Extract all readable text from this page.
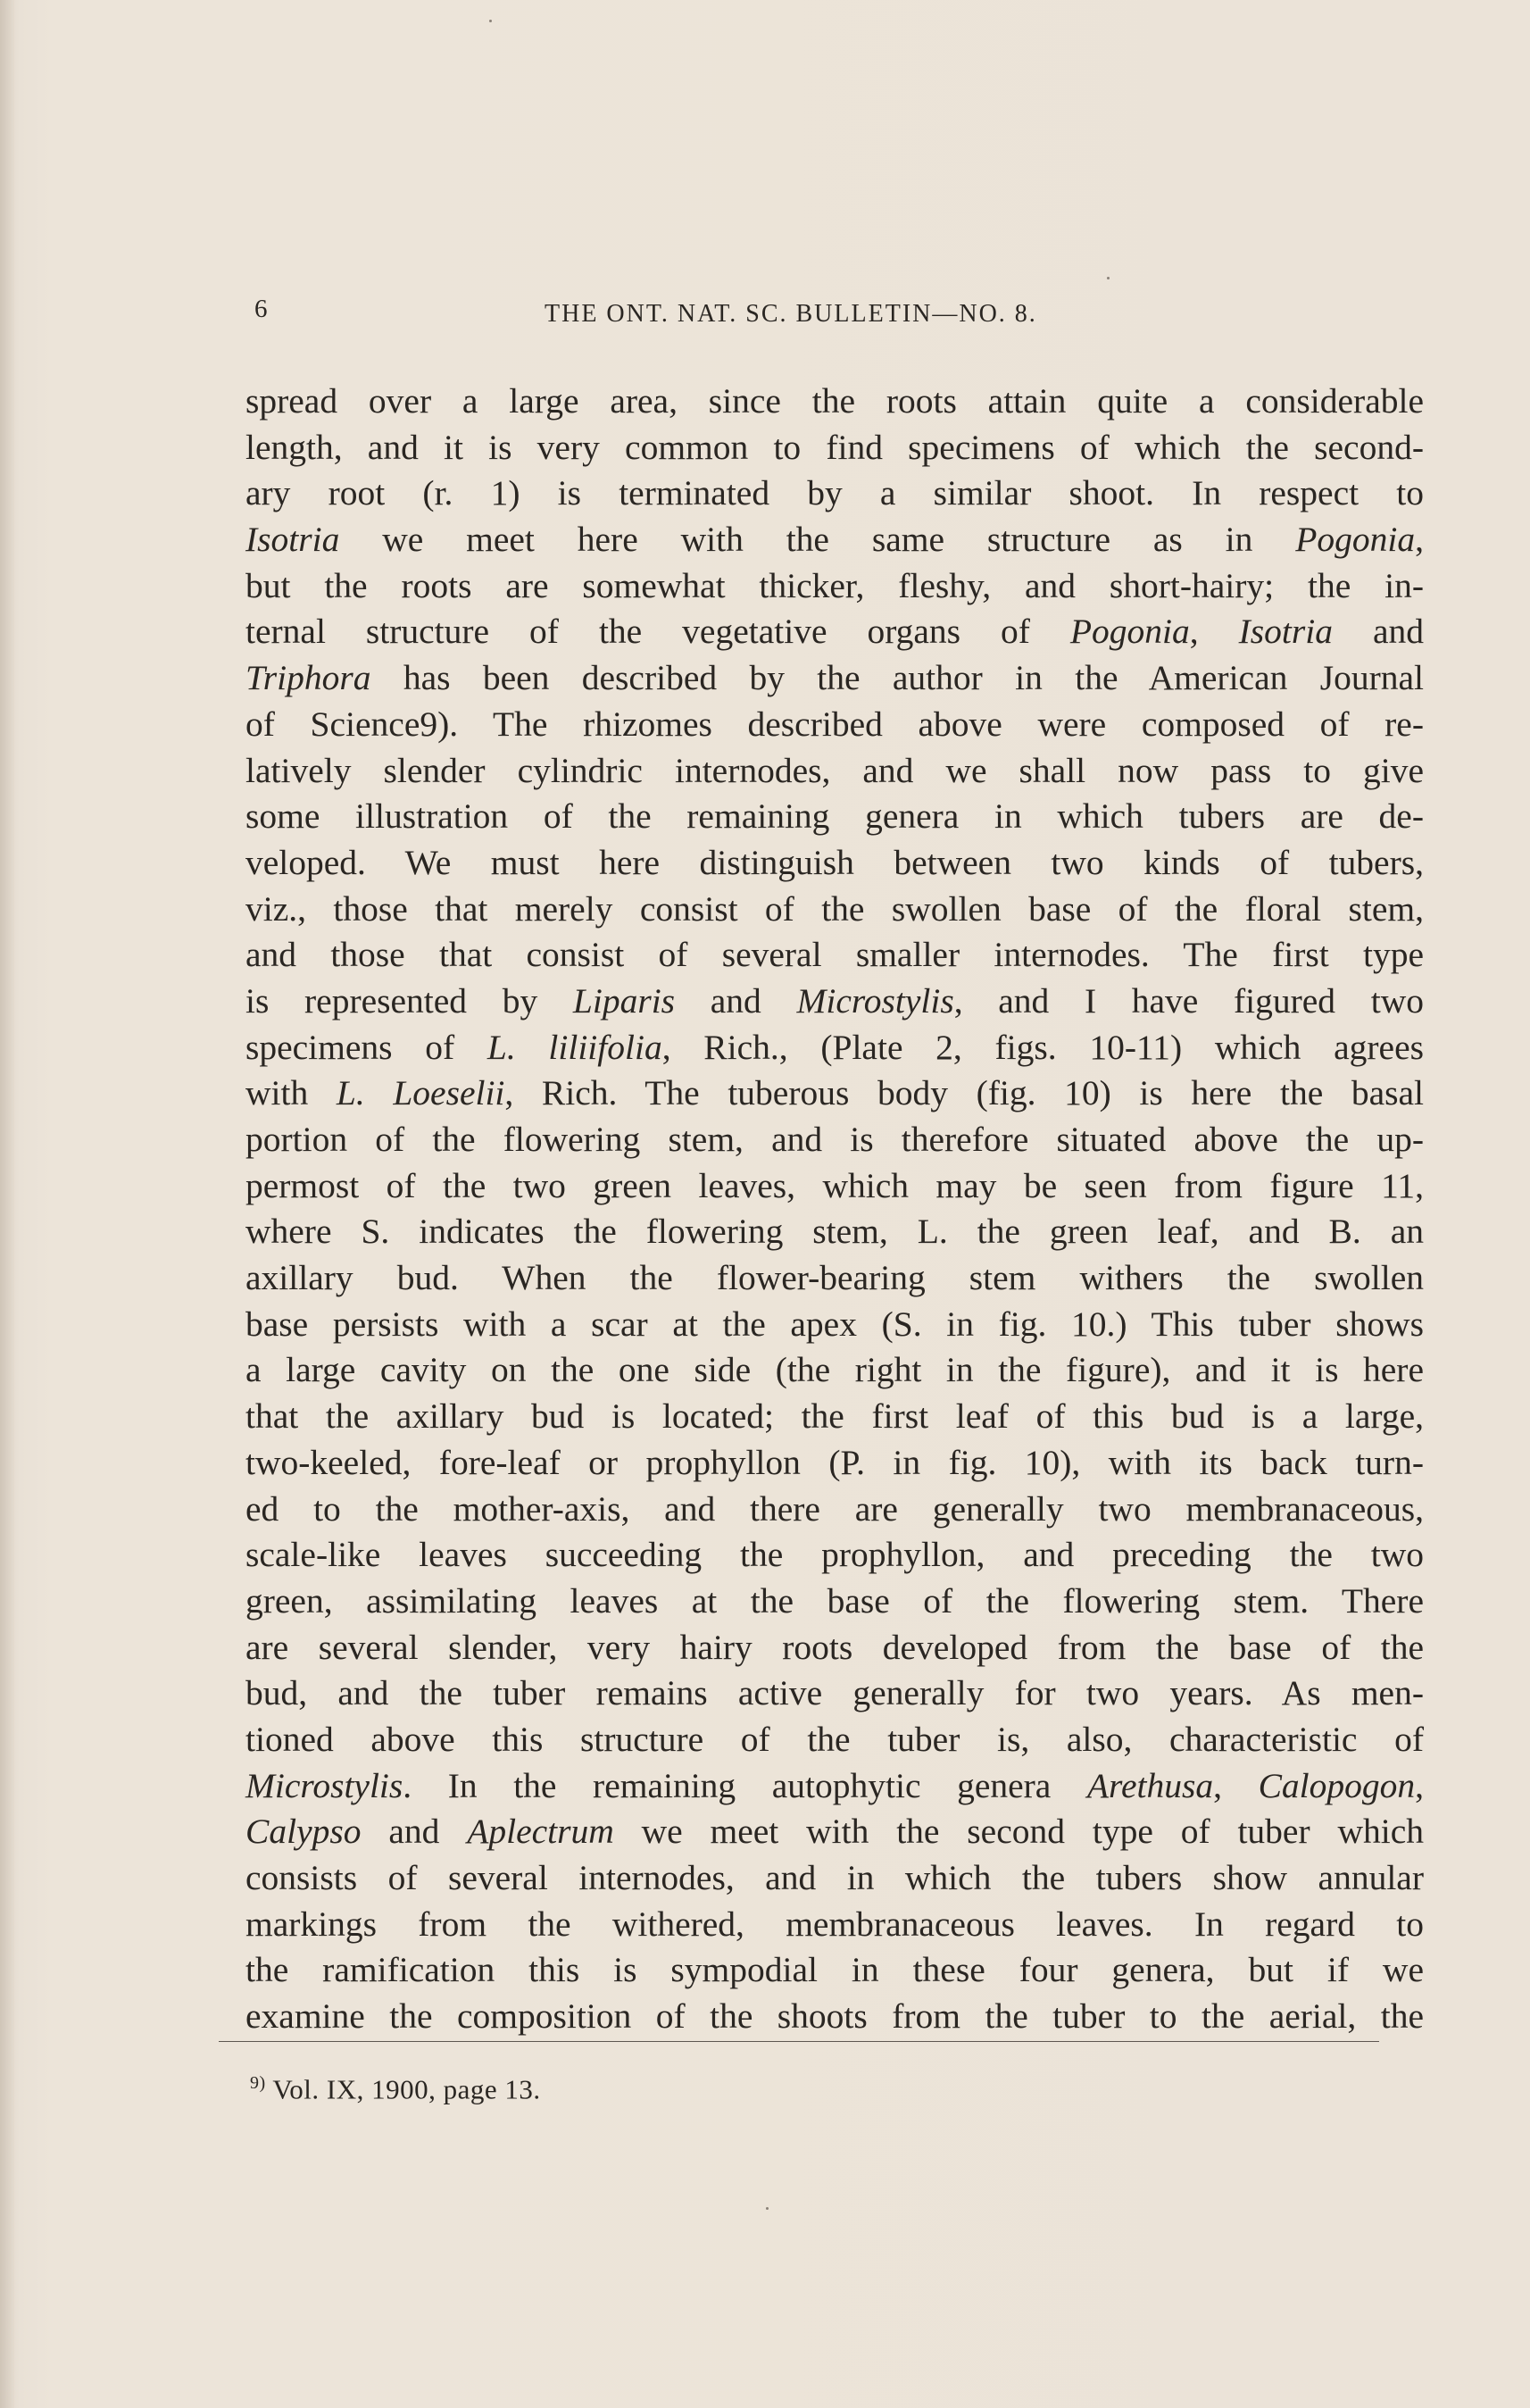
6	THE ONT. NAT. SC. BULLETIN—NO. 8.
spread over a large area, since the roots attain quite a considerable
length, and it is very common to find specimens of which the second-
ary root (r. 1) is terminated by a similar shoot. In respect to
Isotria we meet here with the same structure as in Pogonia,
but the roots are somewhat thicker, fleshy, and short-hairy; the in-
ternal structure of the vegetative organs of Pogonia, Isotria and
Triphora has been described by the author in the American Journal
of Science9). The rhizomes described above were composed of re-
latively slender cylindric internodes, and we shall now pass to give
some illustration of the remaining genera in which tubers are de-
veloped. We must here distinguish between two kinds of tubers,
viz., those that merely consist of the swollen base of the floral stem,
and those that consist of several smaller internodes. The first type
is represented by Liparis and Microstylis, and I have figured two
specimens of L. liliifolia, Rich., (Plate 2, figs. 10-11) which agrees
with L. Loeselii, Rich. The tuberous body (fig. 10) is here the basal
portion of the flowering stem, and is therefore situated above the up-
permost of the two green leaves, which may be seen from figure 11,
where S. indicates the flowering stem, L. the green leaf, and B. an
axillary bud. When the flower-bearing stem withers the swollen
base persists with a scar at the apex (S. in fig. 10.) This tuber shows
a large cavity on the one side (the right in the figure), and it is here
that the axillary bud is located; the first leaf of this bud is a large,
two-keeled, fore-leaf or prophyllon (P. in fig. 10), with its back turn-
ed to the mother-axis, and there are generally two membranaceous,
scale-like leaves succeeding the prophyllon, and preceding the two
green, assimilating leaves at the base of the flowering stem. There
are several slender, very hairy roots developed from the base of the
bud, and the tuber remains active generally for two years. As men-
tioned above this structure of the tuber is, also, characteristic of
Microstylis. In the remaining autophytic genera Arethusa, Calopogon,
Calypso and Aplectrum we meet with the second type of tuber which
consists of several internodes, and in which the tubers show annular
markings from the withered, membranaceous leaves. In regard to
the ramification this is sympodial in these four genera, but if we
examine the composition of the shoots from the tuber to the aerial, the
$^{9)}$ Vol. IX, 1900, page 13.
